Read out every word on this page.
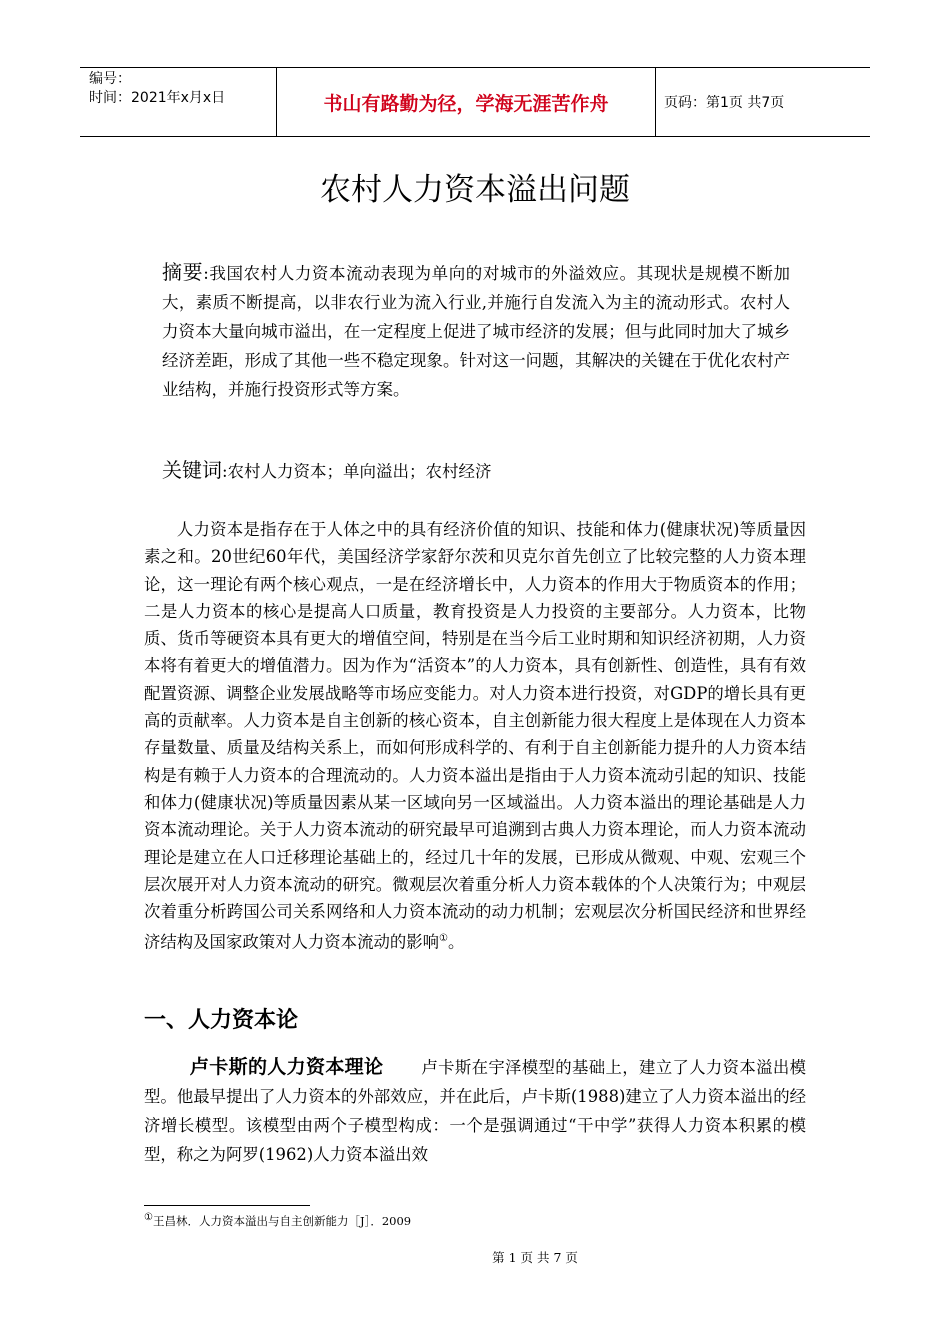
编号：
时间：2021年x月x日	书山有路勤为径，学海无涯苦作舟	页码：第1页 共7页
农村人力资本溢出问题
摘要:我国农村人力资本流动表现为单向的对城市的外溢效应。其现状是规模不断加大，素质不断提高，以非农行业为流入行业,并施行自发流入为主的流动形式。农村人力资本大量向城市溢出，在一定程度上促进了城市经济的发展；但与此同时加大了城乡经济差距，形成了其他一些不稳定现象。针对这一问题，其解决的关键在于优化农村产业结构，并施行投资形式等方案。
关键词:农村人力资本；单向溢出；农村经济
人力资本是指存在于人体之中的具有经济价值的知识、技能和体力(健康状况)等质量因素之和。20世纪60年代，美国经济学家舒尔茨和贝克尔首先创立了比较完整的人力资本理论，这一理论有两个核心观点，一是在经济增长中，人力资本的作用大于物质资本的作用；二是人力资本的核心是提高人口质量，教育投资是人力投资的主要部分。人力资本，比物质、货币等硬资本具有更大的增值空间，特别是在当今后工业时期和知识经济初期，人力资本将有着更大的增值潜力。因为作为“活资本”的人力资本，具有创新性、创造性，具有有效配置资源、调整企业发展战略等市场应变能力。对人力资本进行投资，对GDP的增长具有更高的贡献率。人力资本是自主创新的核心资本，自主创新能力很大程度上是体现在人力资本存量数量、质量及结构关系上，而如何形成科学的、有利于自主创新能力提升的人力资本结构是有赖于人力资本的合理流动的。人力资本溢出是指由于人力资本流动引起的知识、技能和体力(健康状况)等质量因素从某一区域向另一区域溢出。人力资本溢出的理论基础是人力资本流动理论。关于人力资本流动的研究最早可追溯到古典人力资本理论，而人力资本流动理论是建立在人口迁移理论基础上的，经过几十年的发展，已形成从微观、中观、宏观三个层次展开对人力资本流动的研究。微观层次着重分析人力资本载体的个人决策行为；中观层次着重分析跨国公司关系网络和人力资本流动的动力机制；宏观层次分析国民经济和世界经济结构及国家政策对人力资本流动的影响①。
一、人力资本论
卢卡斯的人力资本理论 卢卡斯在宇泽模型的基础上，建立了人力资本溢出模型。他最早提出了人力资本的外部效应，并在此后，卢卡斯(1988)建立了人力资本溢出的经济增长模型。该模型由两个子模型构成：一个是强调通过“干中学”获得人力资本积累的模型，称之为阿罗(1962)人力资本溢出效
①王昌林．人力资本溢出与自主创新能力［J］．2009
第 1 页 共 7 页
